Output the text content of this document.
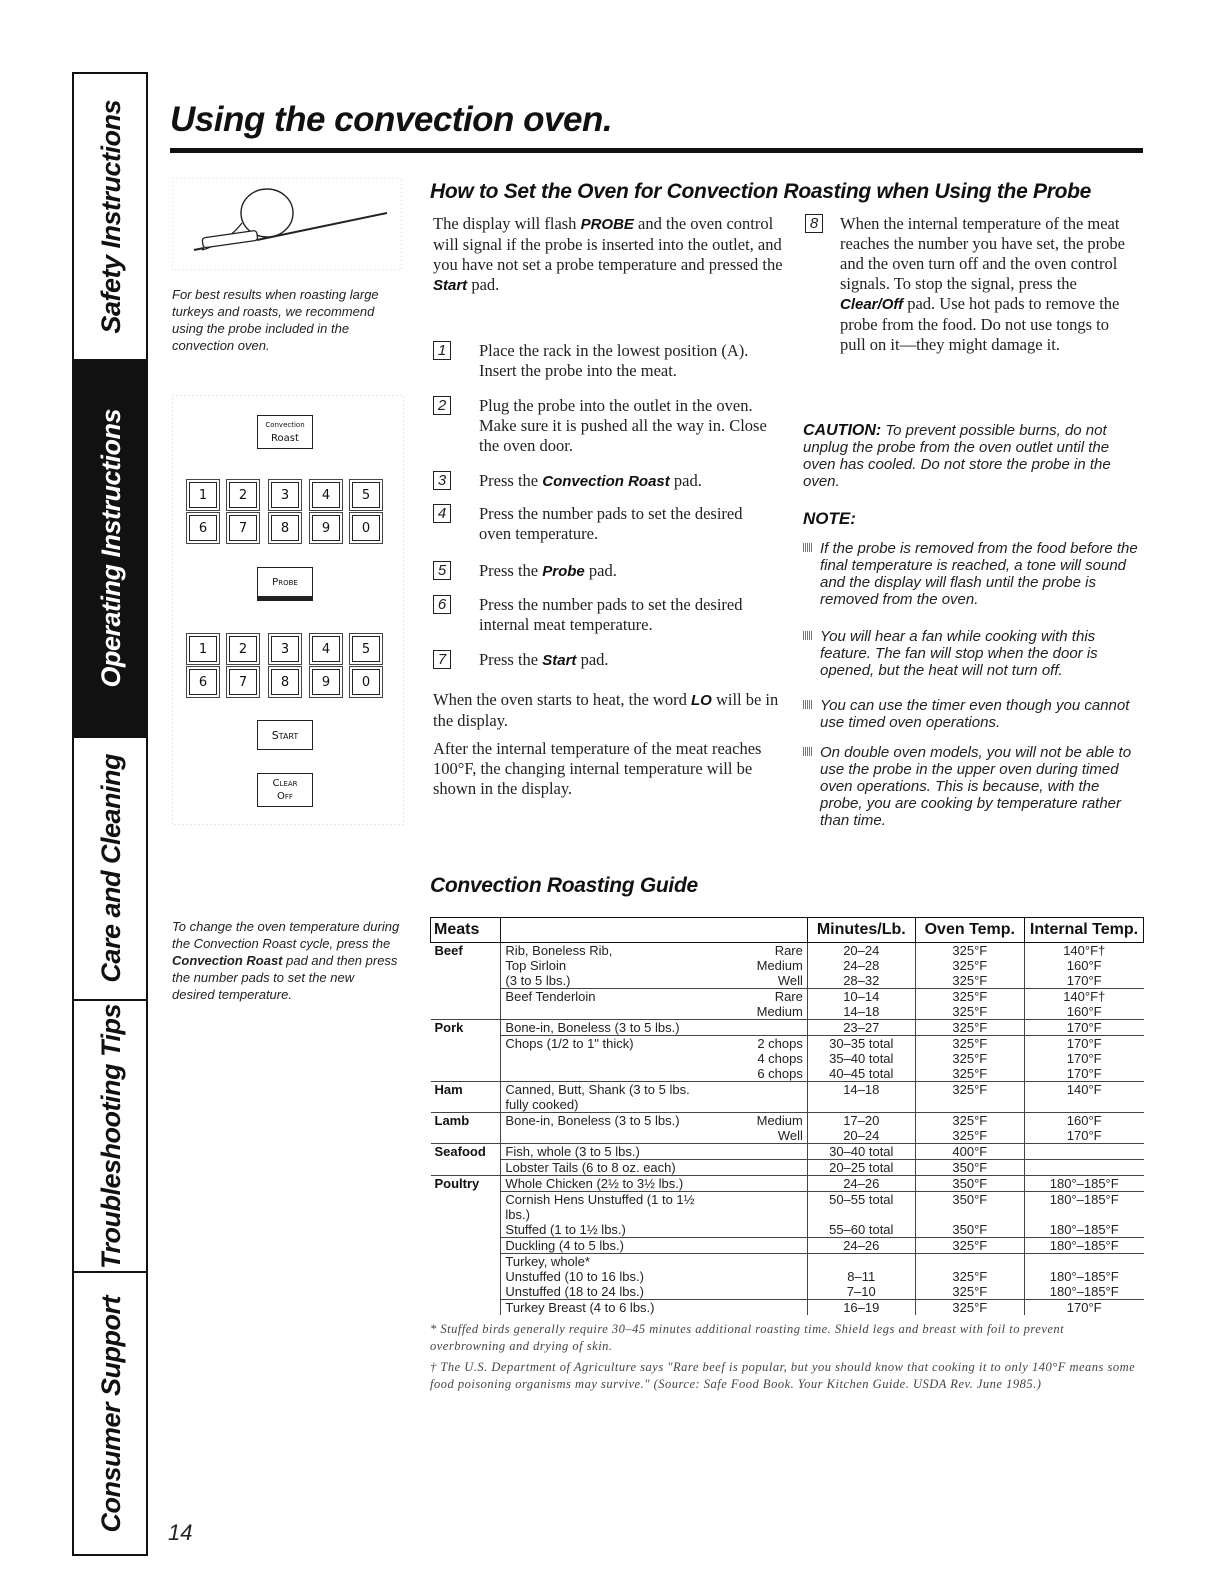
Safety Instructions
Operating Instructions
Care and Cleaning
Troubleshooting Tips
Consumer Support
Using the convection oven.
For best results when roasting large turkeys and roasts, we recommend using the probe included in the convection oven.
Convection
Roast
1	2	3	4	5
6	7	8	9	0
Probe
1	2	3	4	5
6	7	8	9	0
Start
Clear
Off
To change the oven temperature during the Convection Roast cycle, press the Convection Roast pad and then press the number pads to set the new desired temperature.
How to Set the Oven for Convection Roasting when Using the Probe
The display will flash PROBE and the oven control will signal if the probe is inserted into the outlet, and you have not set a probe temperature and pressed the Start pad.
1 Place the rack in the lowest position (A). Insert the probe into the meat.
2 Plug the probe into the outlet in the oven. Make sure it is pushed all the way in. Close the oven door.
3 Press the Convection Roast pad.
4 Press the number pads to set the desired oven temperature.
5 Press the Probe pad.
6 Press the number pads to set the desired internal meat temperature.
7 Press the Start pad.
When the oven starts to heat, the word LO will be in the display.
After the internal temperature of the meat reaches 100°F, the changing internal temperature will be shown in the display.
8 When the internal temperature of the meat reaches the number you have set, the probe and the oven turn off and the oven control signals. To stop the signal, press the Clear/Off pad. Use hot pads to remove the probe from the food. Do not use tongs to pull on it—they might damage it.
CAUTION: To prevent possible burns, do not unplug the probe from the oven outlet until the oven has cooled. Do not store the probe in the oven.
NOTE:
If the probe is removed from the food before the final temperature is reached, a tone will sound and the display will flash until the probe is removed from the oven.
You will hear a fan while cooking with this feature. The fan will stop when the door is opened, but the heat will not turn off.
You can use the timer even though you cannot use timed oven operations.
On double oven models, you will not be able to use the probe in the upper oven during timed oven operations. This is because, with the probe, you are cooking by temperature rather than time.
Convection Roasting Guide
Meats			Minutes/Lb.	Oven Temp.	Internal Temp.
Beef	Rib, Boneless Rib,	Rare	20–24	325°F	140°F†
	Top Sirloin	Medium	24–28	325°F	160°F
	(3 to 5 lbs.)	Well	28–32	325°F	170°F
	Beef Tenderloin	Rare	10–14	325°F	140°F†
		Medium	14–18	325°F	160°F
Pork	Bone-in, Boneless (3 to 5 lbs.)		23–27	325°F	170°F
	Chops (1/2 to 1" thick)	2 chops	30–35 total	325°F	170°F
		4 chops	35–40 total	325°F	170°F
		6 chops	40–45 total	325°F	170°F
Ham	Canned, Butt, Shank (3 to 5 lbs. fully cooked)		14–18	325°F	140°F
Lamb	Bone-in, Boneless (3 to 5 lbs.)	Medium	17–20	325°F	160°F
		Well	20–24	325°F	170°F
Seafood	Fish, whole (3 to 5 lbs.)		30–40 total	400°F	
	Lobster Tails (6 to 8 oz. each)		20–25 total	350°F	
Poultry	Whole Chicken (2½ to 3½ lbs.)		24–26	350°F	180°–185°F
	Cornish Hens Unstuffed (1 to 1½ lbs.)		50–55 total	350°F	180°–185°F
	Stuffed (1 to 1½ lbs.)		55–60 total	350°F	180°–185°F
	Duckling (4 to 5 lbs.)		24–26	325°F	180°–185°F
	Turkey, whole*				
	Unstuffed (10 to 16 lbs.)		8–11	325°F	180°–185°F
	Unstuffed (18 to 24 lbs.)		7–10	325°F	180°–185°F
	Turkey Breast (4 to 6 lbs.)		16–19	325°F	170°F
* Stuffed birds generally require 30–45 minutes additional roasting time. Shield legs and breast with foil to prevent overbrowning and drying of skin.
† The U.S. Department of Agriculture says "Rare beef is popular, but you should know that cooking it to only 140°F means some food poisoning organisms may survive." (Source: Safe Food Book. Your Kitchen Guide. USDA Rev. June 1985.)
14
